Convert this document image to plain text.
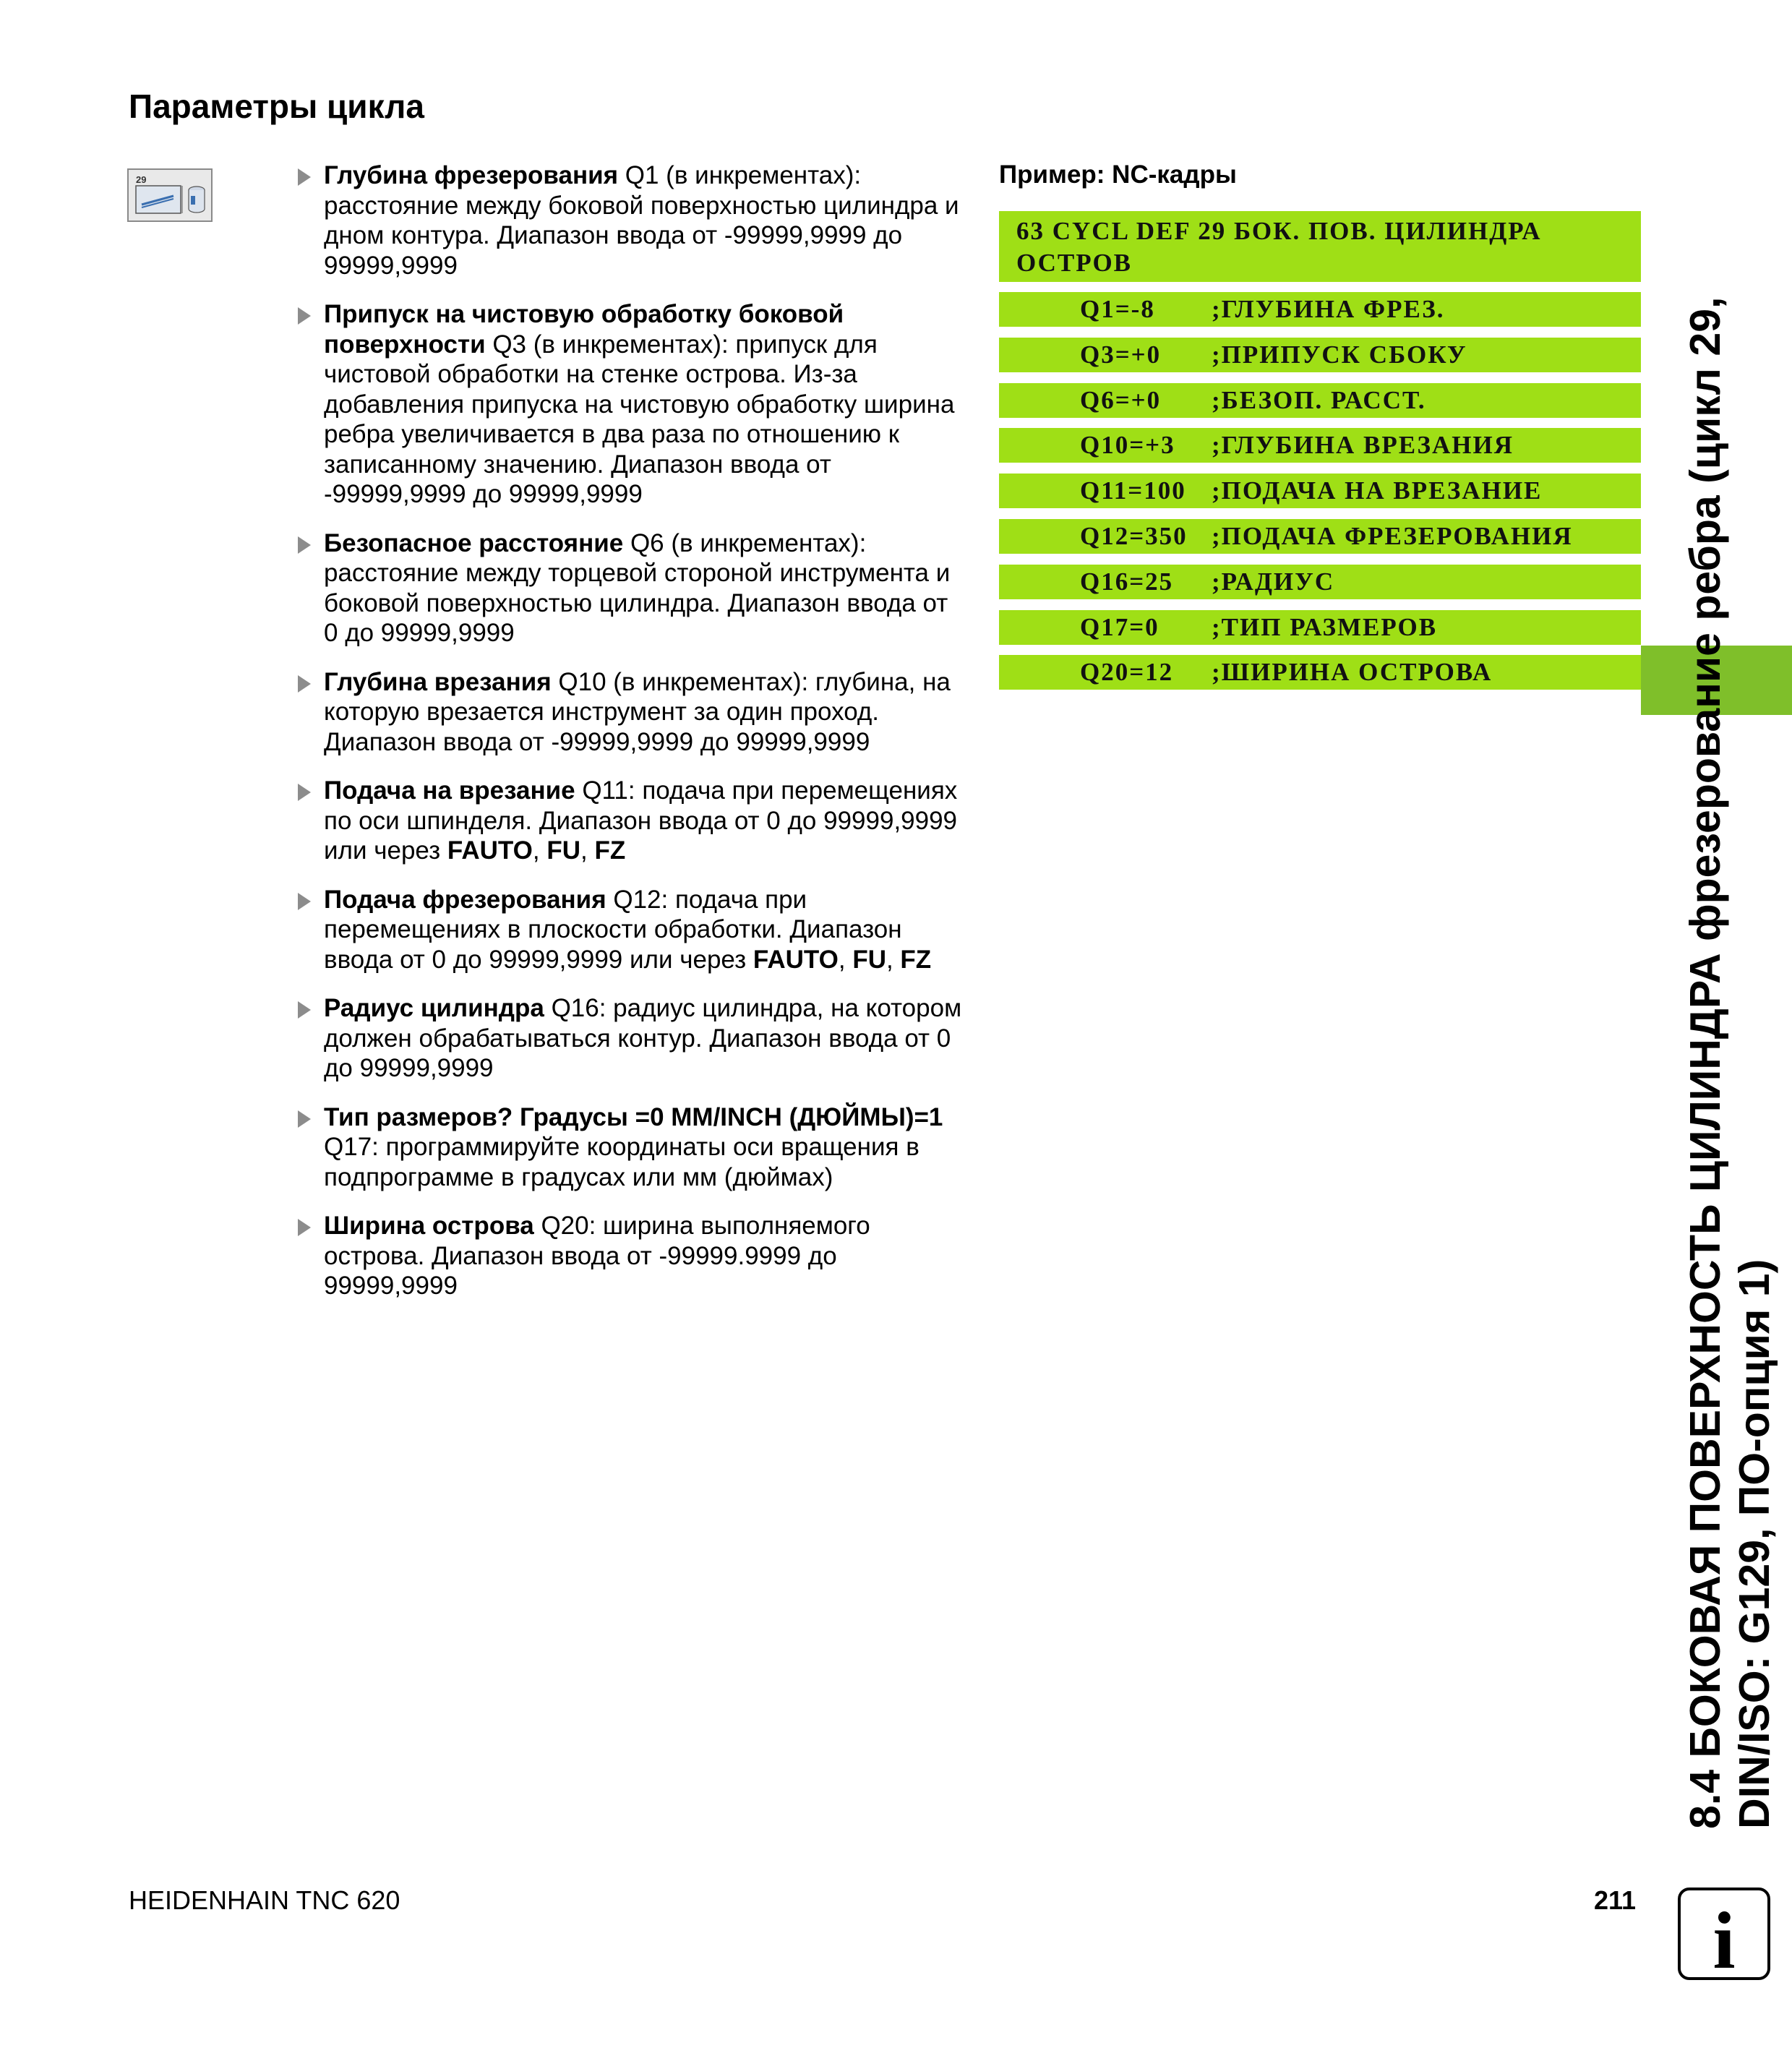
Параметры цикла
29	Глубина фрезерования Q1 (в инкрементах): расстояние между боковой поверхностью цилиндра и дном контура. Диапазон ввода от -99999,9999 до 99999,9999
Припуск на чистовую обработку боковой поверхности Q3 (в инкрементах): припуск для чистовой обработки на стенке острова. Из-за добавления припуска на чистовую обработку ширина ребра увеличивается в два раза по отношению к записанному значению. Диапазон ввода от -99999,9999 до 99999,9999
Безопасное расстояние Q6 (в инкрементах): расстояние между торцевой стороной инструмента и боковой поверхностью цилиндра. Диапазон ввода от 0 до 99999,9999
Глубина врезания Q10 (в инкрементах): глубина, на которую врезается инструмент за один проход. Диапазон ввода от -99999,9999 до 99999,9999
Подача на врезание Q11: подача при перемещениях по оси шпинделя. Диапазон ввода от 0 до 99999,9999 или через FAUTO, FU, FZ
Подача фрезерования Q12: подача при перемещениях в плоскости обработки. Диапазон ввода от 0 до 99999,9999 или через FAUTO, FU, FZ
Радиус цилиндра Q16: радиус цилиндра, на котором должен обрабатываться контур. Диапазон ввода от 0 до 99999,9999
Тип размеров? Градусы =0 MM/INCH (ДЮЙМЫ)=1 Q17: программируйте координаты оси вращения в подпрограмме в градусах или мм (дюймах)
Ширина острова Q20: ширина выполняемого острова. Диапазон ввода от -99999.9999 до 99999,9999

Пример: NC-кадры

63 CYCL DEF 29 БОК. ПОВ. ЦИЛИНДРА
ОСТРОВ
Q1=-8 ;ГЛУБИНА ФРЕЗ.
Q3=+0 ;ПРИПУСК СБОКУ
Q6=+0 ;БЕЗОП. РАССТ.
Q10=+3 ;ГЛУБИНА ВРЕЗАНИЯ
Q11=100 ;ПОДАЧА НА ВРЕЗАНИЕ
Q12=350 ;ПОДАЧА ФРЕЗЕРОВАНИЯ
Q16=25 ;РАДИУС
Q17=0 ;ТИП РАЗМЕРОВ
Q20=12 ;ШИРИНА ОСТРОВА	8.4 БОКОВАЯ ПОВЕРХНОСТЬ ЦИЛИНДРА фрезерование ребра (цикл 29, DIN/ISO: G129, ПО-опция 1)

HEIDENHAIN TNC 620	211 i
